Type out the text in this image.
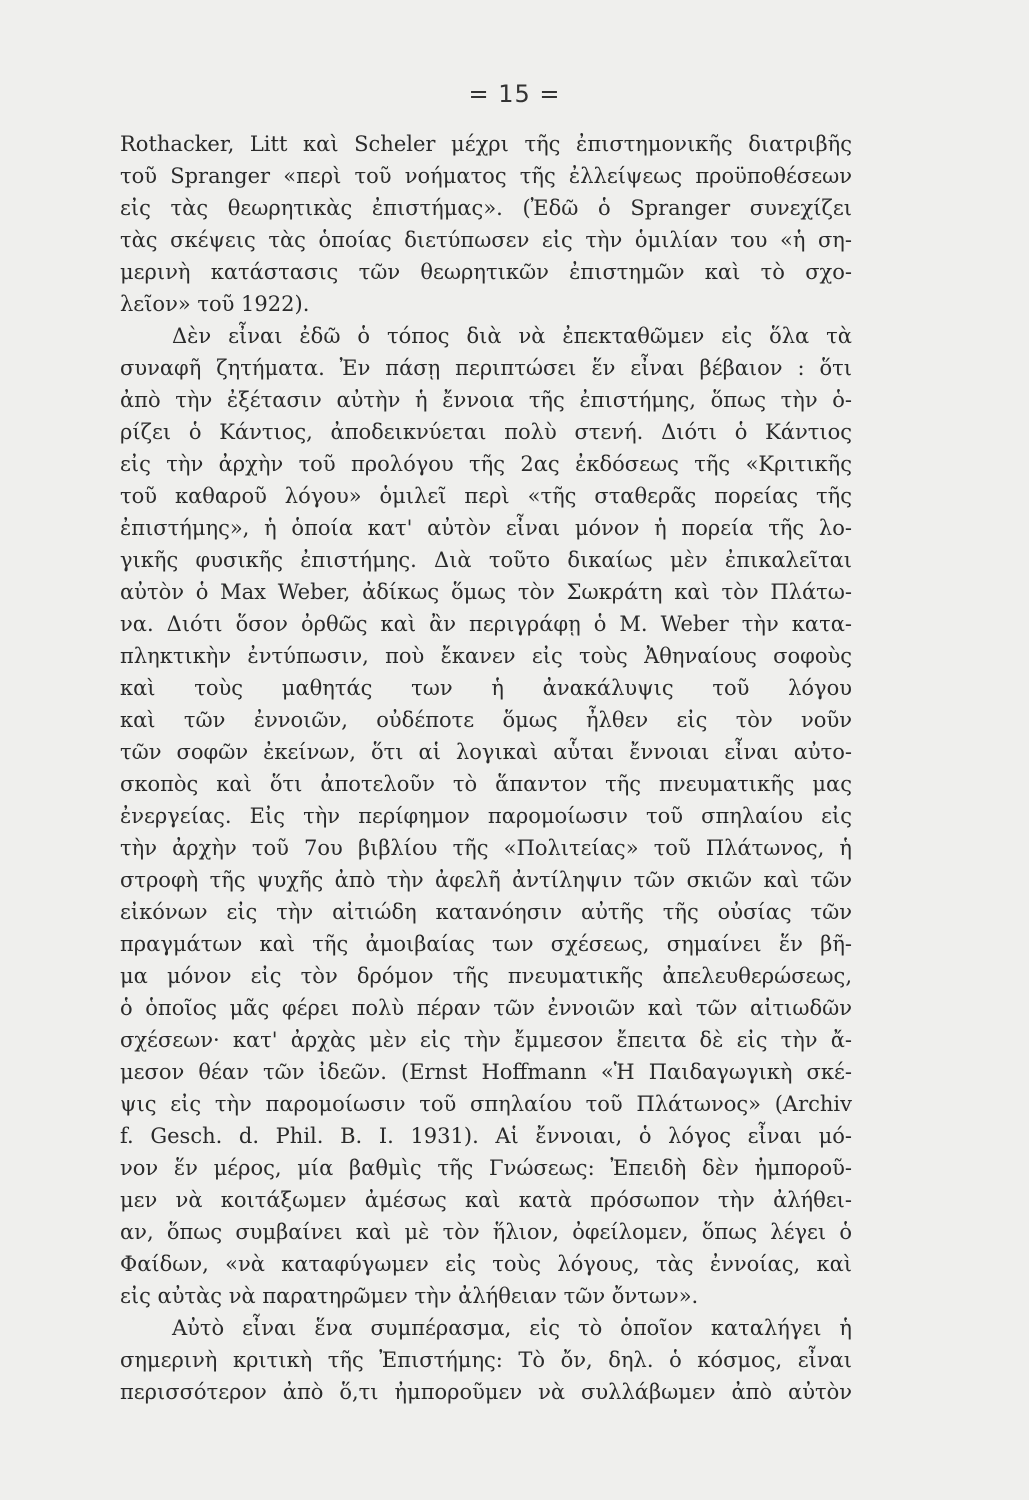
= 15 =
Rothacker, Litt καὶ Scheler μέχρι τῆς ἐπιστημονικῆς διατριβῆς
τοῦ Spranger «περὶ τοῦ νοήματος τῆς ἐλλείψεως προϋποθέσεων
εἰς τὰς θεωρητικὰς ἐπιστήμας». (Ἐδῶ ὁ Spranger συνεχίζει
τὰς σκέψεις τὰς ὁποίας διετύπωσεν εἰς τὴν ὁμιλίαν του «ἡ ση-
μερινὴ κατάστασις τῶν θεωρητικῶν ἐπιστημῶν καὶ τὸ σχο-
λεῖον» τοῦ 1922).
Δὲν εἶναι ἐδῶ ὁ τόπος διὰ νὰ ἐπεκταθῶμεν εἰς ὅλα τὰ
συναφῆ ζητήματα. Ἐν πάσῃ περιπτώσει ἕν εἶναι βέβαιον : ὅτι
ἀπὸ τὴν ἐξέτασιν αὐτὴν ἡ ἔννοια τῆς ἐπιστήμης, ὅπως τὴν ὁ-
ρίζει ὁ Κάντιος, ἀποδεικνύεται πολὺ στενή. Διότι ὁ Κάντιος
εἰς τὴν ἀρχὴν τοῦ προλόγου τῆς 2ας ἐκδόσεως τῆς «Κριτικῆς
τοῦ καθαροῦ λόγου» ὁμιλεῖ περὶ «τῆς σταθερᾶς πορείας τῆς
ἐπιστήμης», ἡ ὁποία κατ' αὐτὸν εἶναι μόνον ἡ πορεία τῆς λο-
γικῆς φυσικῆς ἐπιστήμης. Διὰ τοῦτο δικαίως μὲν ἐπικαλεῖται
αὐτὸν ὁ Max Weber, ἀδίκως ὅμως τὸν Σωκράτη καὶ τὸν Πλάτω-
να. Διότι ὅσον ὀρθῶς καὶ ἂν περιγράφῃ ὁ Μ. Weber τὴν κατα-
πληκτικὴν ἐντύπωσιν, ποὺ ἔκανεν εἰς τοὺς Ἀθηναίους σοφοὺς
καὶ τοὺς μαθητάς των ἡ ἀνακάλυψις τοῦ λόγου
καὶ τῶν ἐννοιῶν, οὐδέποτε ὅμως ἦλθεν εἰς τὸν νοῦν
τῶν σοφῶν ἐκείνων, ὅτι αἱ λογικαὶ αὗται ἔννοιαι εἶναι αὐτο-
σκοπὸς καὶ ὅτι ἀποτελοῦν τὸ ἅπαντον τῆς πνευματικῆς μας
ἐνεργείας. Εἰς τὴν περίφημον παρομοίωσιν τοῦ σπηλαίου εἰς
τὴν ἀρχὴν τοῦ 7ου βιβλίου τῆς «Πολιτείας» τοῦ Πλάτωνος, ἡ
στροφὴ τῆς ψυχῆς ἀπὸ τὴν ἀφελῆ ἀντίληψιν τῶν σκιῶν καὶ τῶν
εἰκόνων εἰς τὴν αἰτιώδη κατανόησιν αὐτῆς τῆς οὐσίας τῶν
πραγμάτων καὶ τῆς ἀμοιβαίας των σχέσεως, σημαίνει ἕν βῆ-
μα μόνον εἰς τὸν δρόμον τῆς πνευματικῆς ἀπελευθερώσεως,
ὁ ὁποῖος μᾶς φέρει πολὺ πέραν τῶν ἐννοιῶν καὶ τῶν αἰτιωδῶν
σχέσεων· κατ' ἀρχὰς μὲν εἰς τὴν ἔμμεσον ἔπειτα δὲ εἰς τὴν ἄ-
μεσον θέαν τῶν ἰδεῶν. (Ernst Hoffmann «Ἡ Παιδαγωγικὴ σκέ-
ψις εἰς τὴν παρομοίωσιν τοῦ σπηλαίου τοῦ Πλάτωνος» (Archiv
f. Gesch. d. Phil. B. I. 1931). Αἱ ἔννοιαι, ὁ λόγος εἶναι μό-
νον ἕν μέρος, μία βαθμὶς τῆς Γνώσεως: Ἐπειδὴ δὲν ἠμποροῦ-
μεν νὰ κοιτάξωμεν ἀμέσως καὶ κατὰ πρόσωπον τὴν ἀλήθει-
αν, ὅπως συμβαίνει καὶ μὲ τὸν ἥλιον, ὀφείλομεν, ὅπως λέγει ὁ
Φαίδων, «νὰ καταφύγωμεν εἰς τοὺς λόγους, τὰς ἐννοίας, καὶ
εἰς αὐτὰς νὰ παρατηρῶμεν τὴν ἀλήθειαν τῶν ὄντων».
Αὐτὸ εἶναι ἕνα συμπέρασμα, εἰς τὸ ὁποῖον καταλήγει ἡ
σημερινὴ κριτικὴ τῆς Ἐπιστήμης: Τὸ ὄν, δηλ. ὁ κόσμος, εἶναι
περισσότερον ἀπὸ ὅ,τι ἠμποροῦμεν νὰ συλλάβωμεν ἀπὸ αὐτὸν
